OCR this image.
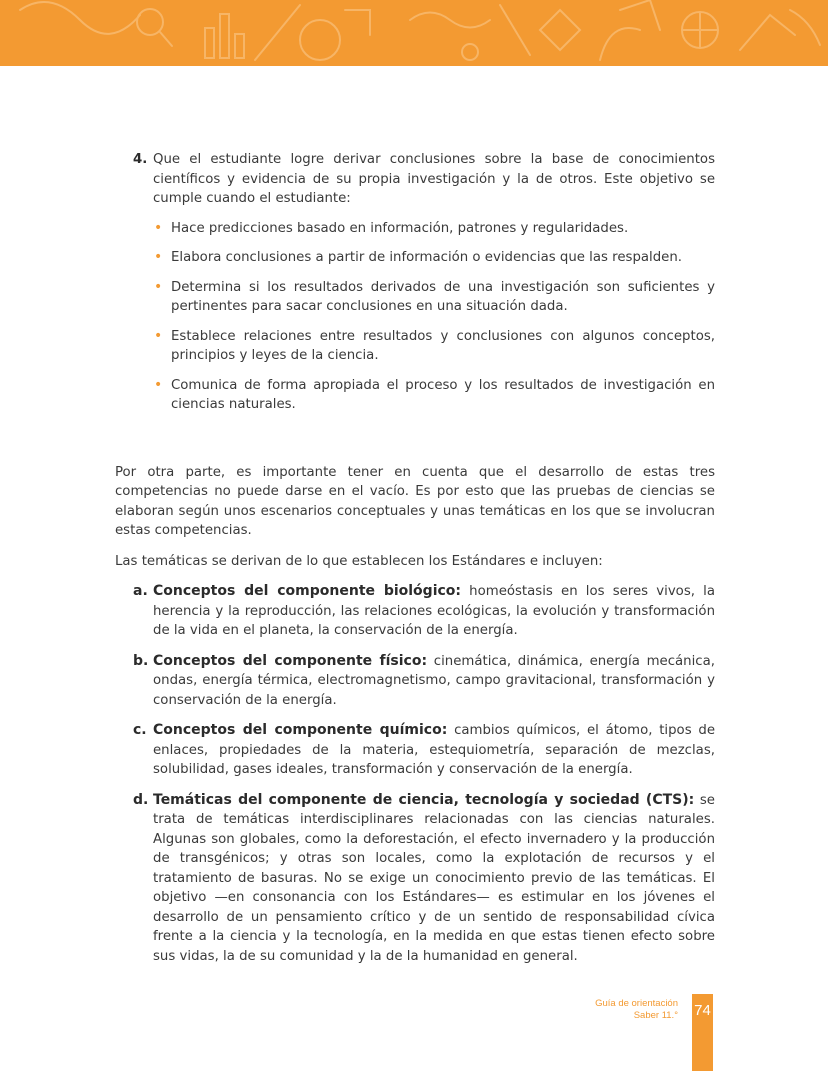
4. Que el estudiante logre derivar conclusiones sobre la base de conocimientos científicos y evidencia de su propia investigación y la de otros. Este objetivo se cumple cuando el estudiante:
• Hace predicciones basado en información, patrones y regularidades.
• Elabora conclusiones a partir de información o evidencias que las respalden.
• Determina si los resultados derivados de una investigación son suficientes y pertinentes para sacar conclusiones en una situación dada.
• Establece relaciones entre resultados y conclusiones con algunos conceptos, principios y leyes de la ciencia.
• Comunica de forma apropiada el proceso y los resultados de investigación en ciencias naturales.

Por otra parte, es importante tener en cuenta que el desarrollo de estas tres competencias no puede darse en el vacío. Es por esto que las pruebas de ciencias se elaboran según unos escenarios conceptuales y unas temáticas en los que se involucran estas competencias.

Las temáticas se derivan de lo que establecen los Estándares e incluyen:

a. Conceptos del componente biológico: homeóstasis en los seres vivos, la herencia y la reproducción, las relaciones ecológicas, la evolución y transformación de la vida en el planeta, la conservación de la energía.
b. Conceptos del componente físico: cinemática, dinámica, energía mecánica, ondas, energía térmica, electromagnetismo, campo gravitacional, transformación y conservación de la energía.
c. Conceptos del componente químico: cambios químicos, el átomo, tipos de enlaces, propiedades de la materia, estequiometría, separación de mezclas, solubilidad, gases ideales, transformación y conservación de la energía.
d. Temáticas del componente de ciencia, tecnología y sociedad (CTS): se trata de temáticas interdisciplinares relacionadas con las ciencias naturales. Algunas son globales, como la deforestación, el efecto invernadero y la producción de transgénicos; y otras son locales, como la explotación de recursos y el tratamiento de basuras. No se exige un conocimiento previo de las temáticas. El objetivo —en consonancia con los Estándares— es estimular en los jóvenes el desarrollo de un pensamiento crítico y de un sentido de responsabilidad cívica frente a la ciencia y la tecnología, en la medida en que estas tienen efecto sobre sus vidas, la de su comunidad y la de la humanidad en general.
Guía de orientación
Saber 11.° 74
